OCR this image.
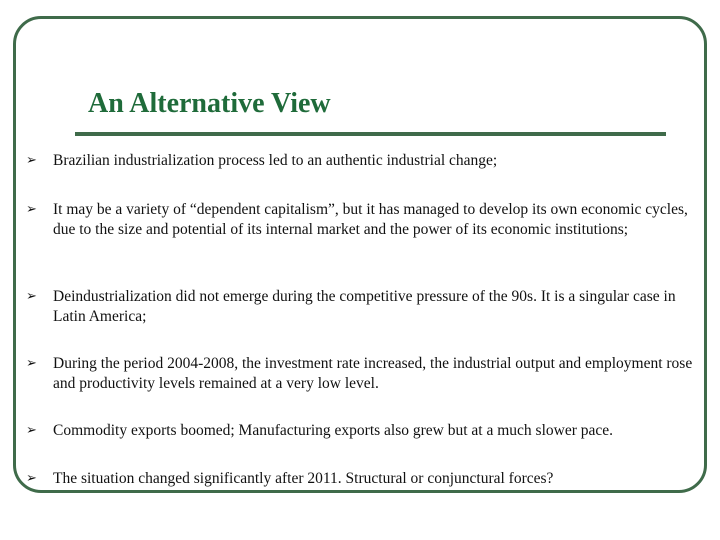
An Alternative View
➢ Brazilian industrialization process led to an authentic industrial change;
➢ It may be a variety of “dependent capitalism”, but it has managed to develop its own economic cycles, due to the size and potential of its internal market and the power of its economic institutions;
➢ Deindustrialization did not emerge during the competitive pressure of the 90s. It is a singular case in Latin America;
➢ During the period 2004-2008, the investment rate increased, the industrial output and employment rose and productivity levels remained at a very low level.
➢ Commodity exports boomed; Manufacturing exports also grew but at a much slower pace.
➢ The situation changed significantly after 2011. Structural or conjunctural forces?
